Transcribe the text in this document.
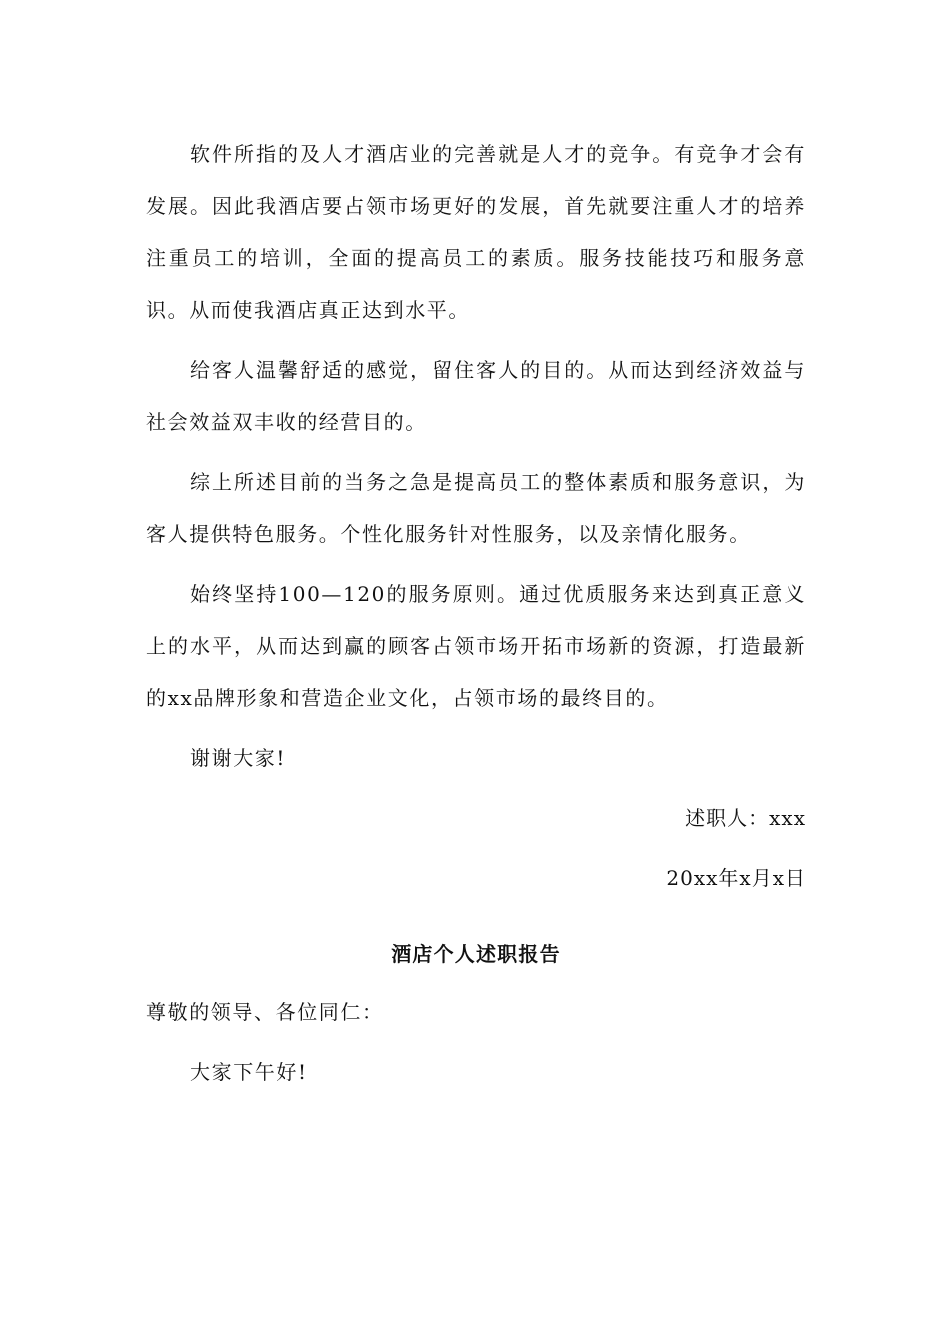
软件所指的及人才酒店业的完善就是人才的竞争。有竞争才会有发展。因此我酒店要占领市场更好的发展，首先就要注重人才的培养注重员工的培训，全面的提高员工的素质。服务技能技巧和服务意识。从而使我酒店真正达到水平。

给客人温馨舒适的感觉，留住客人的目的。从而达到经济效益与社会效益双丰收的经营目的。

综上所述目前的当务之急是提高员工的整体素质和服务意识，为客人提供特色服务。个性化服务针对性服务，以及亲情化服务。

始终坚持100—120的服务原则。通过优质服务来达到真正意义上的水平，从而达到赢的顾客占领市场开拓市场新的资源，打造最新的xx品牌形象和营造企业文化，占领市场的最终目的。

谢谢大家!

述职人：xxx
20xx年x月x日
酒店个人述职报告

尊敬的领导、各位同仁：

大家下午好!
